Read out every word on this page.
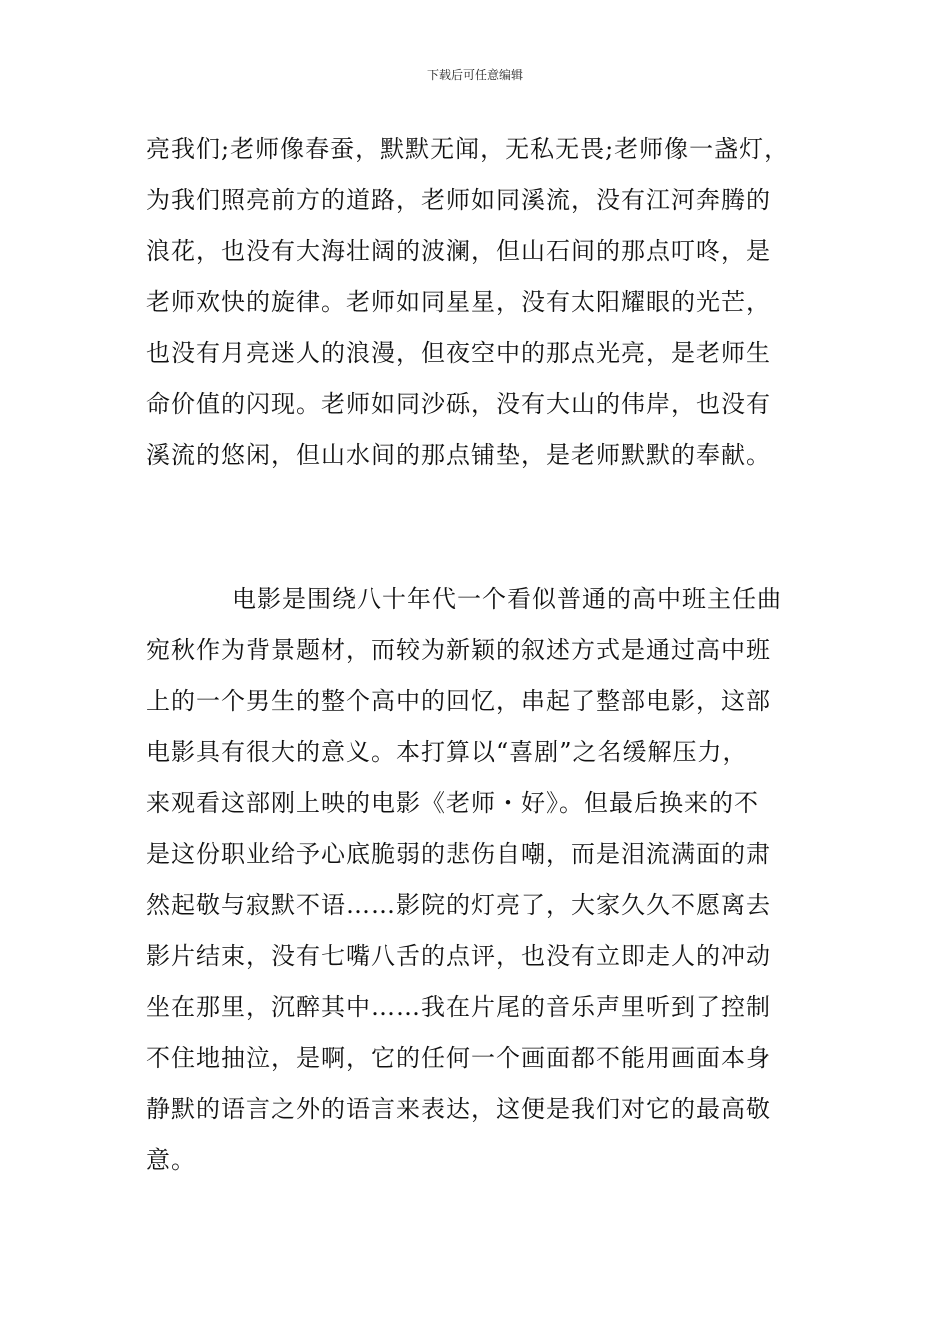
下载后可任意编辑
亮我们;老师像春蚕，默默无闻，无私无畏;老师像一盏灯，
为我们照亮前方的道路，老师如同溪流，没有江河奔腾的
浪花，也没有大海壮阔的波澜，但山石间的那点叮咚，是
老师欢快的旋律。老师如同星星，没有太阳耀眼的光芒，
也没有月亮迷人的浪漫，但夜空中的那点光亮，是老师生
命价值的闪现。老师如同沙砾，没有大山的伟岸，也没有
溪流的悠闲，但山水间的那点铺垫，是老师默默的奉献。
电影是围绕八十年代一个看似普通的高中班主任曲
宛秋作为背景题材，而较为新颖的叙述方式是通过高中班
上的一个男生的整个高中的回忆，串起了整部电影，这部
电影具有很大的意义。本打算以“喜剧”之名缓解压力，
来观看这部刚上映的电影《老师・好》。但最后换来的不
是这份职业给予心底脆弱的悲伤自嘲，而是泪流满面的肃
然起敬与寂默不语……影院的灯亮了，大家久久不愿离去
影片结束，没有七嘴八舌的点评，也没有立即走人的冲动
坐在那里，沉醉其中……我在片尾的音乐声里听到了控制
不住地抽泣，是啊，它的任何一个画面都不能用画面本身
静默的语言之外的语言来表达，这便是我们对它的最高敬
意。
